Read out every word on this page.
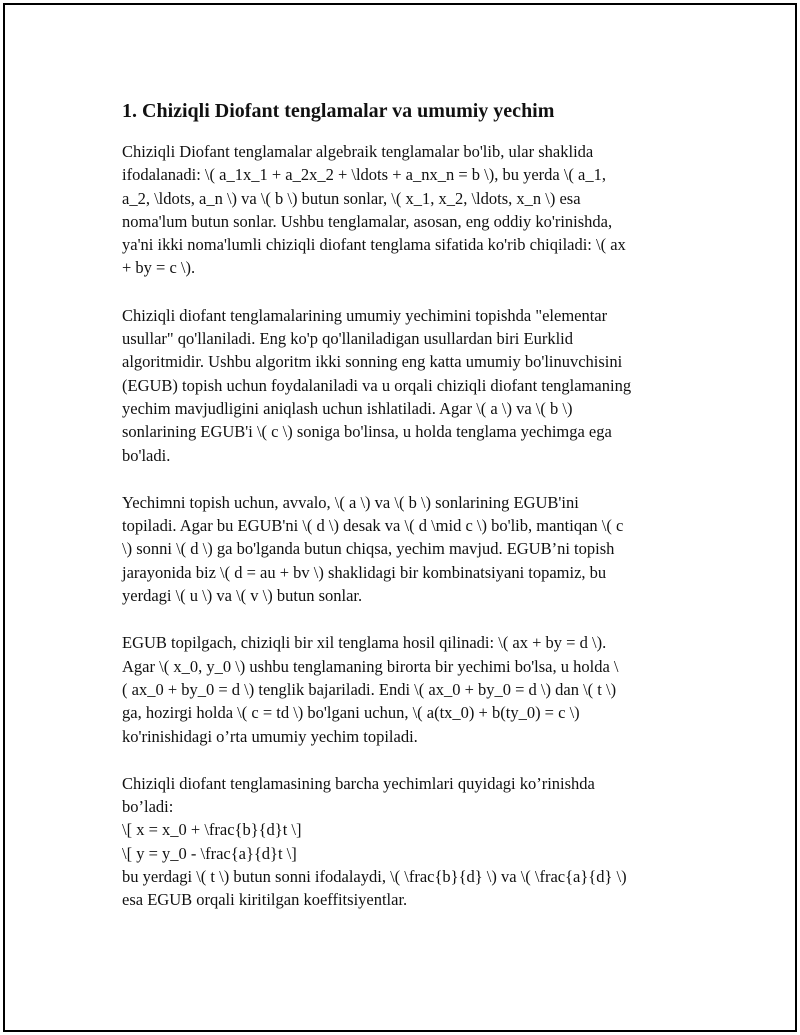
1. Chiziqli Diofant tenglamalar va umumiy yechim

Chiziqli Diofant tenglamalar algebraik tenglamalar bo'lib, ular shaklida
ifodalanadi: \( a_1x_1 + a_2x_2 + \ldots + a_nx_n = b \), bu yerda \( a_1,
a_2, \ldots, a_n \) va \( b \) butun sonlar, \( x_1, x_2, \ldots, x_n \) esa
noma'lum butun sonlar. Ushbu tenglamalar, asosan, eng oddiy ko'rinishda,
ya'ni ikki noma'lumli chiziqli diofant tenglama sifatida ko'rib chiqiladi: \( ax
+ by = c \).

Chiziqli diofant tenglamalarining umumiy yechimini topishda "elementar
usullar" qo'llaniladi. Eng ko'p qo'llaniladigan usullardan biri Eurklid
algoritmidir. Ushbu algoritm ikki sonning eng katta umumiy bo'linuvchisini
(EGUB) topish uchun foydalaniladi va u orqali chiziqli diofant tenglamaning
yechim mavjudligini aniqlash uchun ishlatiladi. Agar \( a \) va \( b \)
sonlarining EGUB'i \( c \) soniga bo'linsa, u holda tenglama yechimga ega
bo'ladi.

Yechimni topish uchun, avvalo, \( a \) va \( b \) sonlarining EGUB'ini
topiladi. Agar bu EGUB'ni \( d \) desak va \( d \mid c \) bo'lib, mantiqan \( c
\) sonni \( d \) ga bo'lganda butun chiqsa, yechim mavjud. EGUB’ni topish
jarayonida biz \( d = au + bv \) shaklidagi bir kombinatsiyani topamiz, bu
yerdagi \( u \) va \( v \) butun sonlar.

EGUB topilgach, chiziqli bir xil tenglama hosil qilinadi: \( ax + by = d \).
Agar \( x_0, y_0 \) ushbu tenglamaning birorta bir yechimi bo'lsa, u holda \
( ax_0 + by_0 = d \) tenglik bajariladi. Endi \( ax_0 + by_0 = d \) dan \( t \)
ga, hozirgi holda \( c = td \) bo'lgani uchun, \( a(tx_0) + b(ty_0) = c \)
ko'rinishidagi o’rta umumiy yechim topiladi.

Chiziqli diofant tenglamasining barcha yechimlari quyidagi ko’rinishda
bo’ladi:
\[ x = x_0 + \frac{b}{d}t \]
\[ y = y_0 - \frac{a}{d}t \]
bu yerdagi \( t \) butun sonni ifodalaydi, \( \frac{b}{d} \) va \( \frac{a}{d} \)
esa EGUB orqali kiritilgan koeffitsiyentlar.
